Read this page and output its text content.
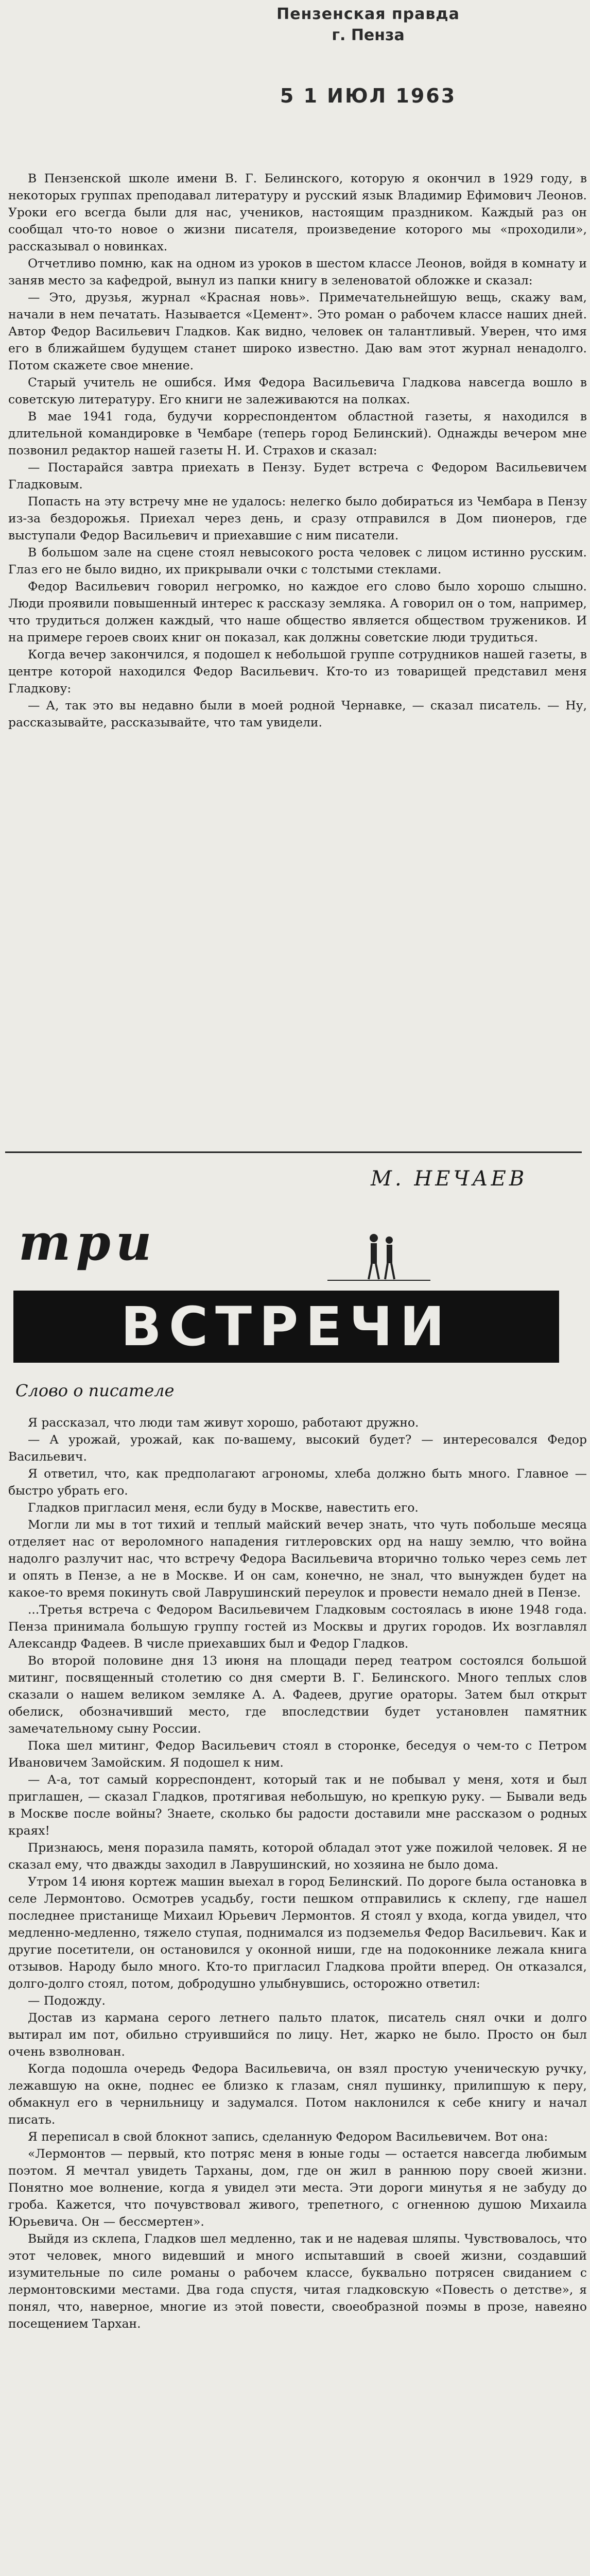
Пензенская правда
г. Пенза
5 1 ИЮЛ 1963

В Пензенской школе имени В. Г. Белинского, которую я окончил в 1929 году, в некоторых группах преподавал литературу и русский язык Владимир Ефимович Леонов. Уроки его всегда были для нас, учеников, настоящим праздником. Каждый раз он сообщал что-то новое о жизни писателя, произведение которого мы «проходили», рассказывал о новинках.

Отчетливо помню, как на одном из уроков в шестом классе Леонов, войдя в комнату и заняв место за кафедрой, вынул из папки книгу в зеленоватой обложке и сказал:

— Это, друзья, журнал «Красная новь». Примечательнейшую вещь, скажу вам, начали в нем печатать. Называется «Цемент». Это роман о рабочем классе наших дней. Автор Федор Васильевич Гладков. Как видно, человек он талантливый. Уверен, что имя его в ближайшем будущем станет широко известно. Даю вам этот журнал ненадолго. Потом скажете свое мнение.

Старый учитель не ошибся. Имя Федора Васильевича Гладкова навсегда вошло в советскую литературу. Его книги не залеживаются на полках.

В мае 1941 года, будучи корреспондентом областной газеты, я находился в длительной командировке в Чембаре (теперь город Белинский). Однажды вечером мне позвонил редактор нашей газеты Н. И. Страхов и сказал:

— Постарайся завтра приехать в Пензу. Будет встреча с Федором Васильевичем Гладковым.

Попасть на эту встречу мне не удалось: нелегко было добираться из Чембара в Пензу из-за бездорожья. Приехал через день, и сразу отправился в Дом пионеров, где выступали Федор Васильевич и приехавшие с ним писатели.

В большом зале на сцене стоял невысокого роста человек с лицом истинно русским. Глаз его не было видно, их прикрывали очки с толстыми стеклами.

Федор Васильевич говорил негромко, но каждое его слово было хорошо слышно. Люди проявили повышенный интерес к рассказу земляка. А говорил он о том, например, что трудиться должен каждый, что наше общество является обществом тружеников. И на примере героев своих книг он показал, как должны советские люди трудиться.

Когда вечер закончился, я подошел к небольшой группе сотрудников нашей газеты, в центре которой находился Федор Васильевич. Кто-то из товарищей представил меня Гладкову:

— А, так это вы недавно были в моей родной Чернавке, — сказал писатель. — Ну, рассказывайте, рассказывайте, что там увидели.

М. НЕЧАЕВ
три
ВСТРЕЧИ
Слово о писателе

Я рассказал, что люди там живут хорошо, работают дружно.

— А урожай, урожай, как по-вашему, высокий будет? — интересовался Федор Васильевич.

Я ответил, что, как предполагают агрономы, хлеба должно быть много. Главное — быстро убрать его.

Гладков пригласил меня, если буду в Москве, навестить его.

Могли ли мы в тот тихий и теплый майский вечер знать, что чуть побольше месяца отделяет нас от вероломного нападения гитлеровских орд на нашу землю, что война надолго разлучит нас, что встречу Федора Васильевича вторично только через семь лет и опять в Пензе, а не в Москве. И он сам, конечно, не знал, что вынужден будет на какое-то время покинуть свой Лаврушинский переулок и провести немало дней в Пензе.

...Третья встреча с Федором Васильевичем Гладковым состоялась в июне 1948 года. Пенза принимала большую группу гостей из Москвы и других городов. Их возглавлял Александр Фадеев. В числе приехавших был и Федор Гладков.

Во второй половине дня 13 июня на площади перед театром состоялся большой митинг, посвященный столетию со дня смерти В. Г. Белинского. Много теплых слов сказали о нашем великом земляке А. А. Фадеев, другие ораторы. Затем был открыт обелиск, обозначивший место, где впоследствии будет установлен памятник замечательному сыну России.

Пока шел митинг, Федор Васильевич стоял в сторонке, беседуя о чем-то с Петром Ивановичем Замойским. Я подошел к ним.

— А-а, тот самый корреспондент, который так и не побывал у меня, хотя и был приглашен, — сказал Гладков, протягивая небольшую, но крепкую руку. — Бывали ведь в Москве после войны? Знаете, сколько бы радости доставили мне рассказом о родных краях!

Признаюсь, меня поразила память, которой обладал этот уже пожилой человек. Я не сказал ему, что дважды заходил в Лаврушинский, но хозяина не было дома.

Утром 14 июня кортеж машин выехал в город Белинский. По дороге была остановка в селе Лермонтово. Осмотрев усадьбу, гости пешком отправились к склепу, где нашел последнее пристанище Михаил Юрьевич Лермонтов. Я стоял у входа, когда увидел, что медленно-медленно, тяжело ступая, поднимался из подземелья Федор Васильевич. Как и другие посетители, он остановился у оконной ниши, где на подоконнике лежала книга отзывов. Народу было много. Кто-то пригласил Гладкова пройти вперед. Он отказался, долго-долго стоял, потом, добродушно улыбнувшись, осторожно ответил:

— Подожду.

Достав из кармана серого летнего пальто платок, писатель снял очки и долго вытирал им пот, обильно струившийся по лицу. Нет, жарко не было. Просто он был очень взволнован.

Когда подошла очередь Федора Васильевича, он взял простую ученическую ручку, лежавшую на окне, поднес ее близко к глазам, снял пушинку, прилипшую к перу, обмакнул его в чернильницу и задумался. Потом наклонился к себе книгу и начал писать.

Я переписал в свой блокнот запись, сделанную Федором Васильевичем. Вот она:

«Лермонтов — первый, кто потряс меня в юные годы — остается навсегда любимым поэтом. Я мечтал увидеть Тарханы, дом, где он жил в раннюю пору своей жизни. Понятно мое волнение, когда я увидел эти места. Эти дороги минутья я не забуду до гроба. Кажется, что почувствовал живого, трепетного, с огненною душою Михаила Юрьевича. Он — бессмертен».

Выйдя из склепа, Гладков шел медленно, так и не надевая шляпы. Чувствовалось, что этот человек, много видевший и много испытавший в своей жизни, создавший изумительные по силе романы о рабочем классе, буквально потрясен свиданием с лермонтовскими местами. Два года спустя, читая гладковскую «Повесть о детстве», я понял, что, наверное, многие из этой повести, своеобразной поэмы в прозе, навеяно посещением Тархан.
